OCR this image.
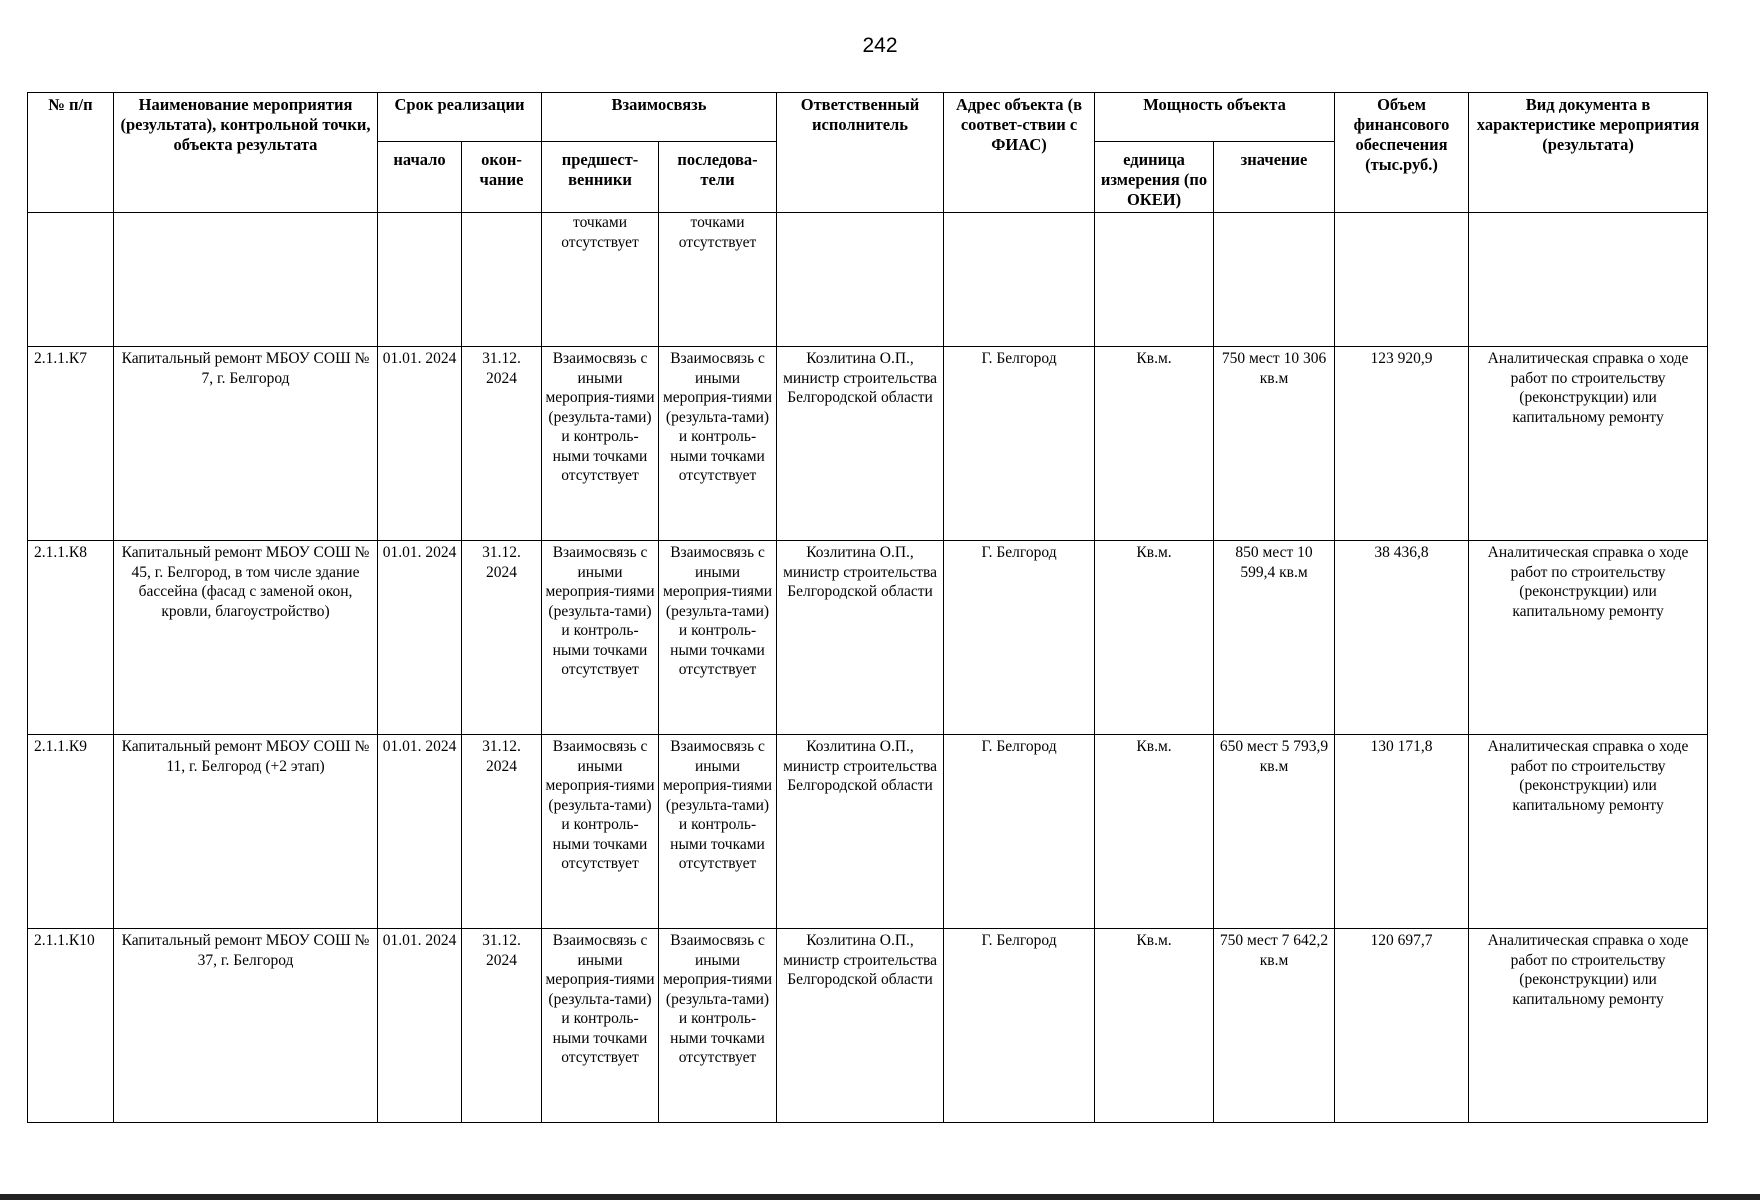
242
№ п/п	Наименование мероприятия (результата), контрольной точки, объекта результата	Срок реализации		Взаимосвязь		Ответственный исполнитель	Адрес объекта (в соответ-ствии с ФИАС)	Мощность объекта		Объем финансового обеспечения (тыс.руб.)	Вид документа в характеристике мероприятия (результата)
		начало	окон-чание	предшест-венники	последова-тели			единица измерения (по ОКЕИ)	значение		
				точками отсутствует	точками отсутствует						
2.1.1.К7	Капитальный ремонт МБОУ СОШ № 7, г. Белгород	01.01. 2024	31.12. 2024	Взаимосвязь с иными мероприя-тиями (результа-тами) и контроль-ными точками отсутствует	Взаимосвязь с иными мероприя-тиями (результа-тами) и контроль-ными точками отсутствует	Козлитина О.П., министр строительства Белгородской области	Г. Белгород	Кв.м.	750 мест 10 306 кв.м	123 920,9	Аналитическая справка о ходе работ по строительству (реконструкции) или капитальному ремонту
2.1.1.К8	Капитальный ремонт МБОУ СОШ № 45, г. Белгород, в том числе здание бассейна (фасад с заменой окон, кровли, благоустройство)	01.01. 2024	31.12. 2024	Взаимосвязь с иными мероприя-тиями (результа-тами) и контроль-ными точками отсутствует	Взаимосвязь с иными мероприя-тиями (результа-тами) и контроль-ными точками отсутствует	Козлитина О.П., министр строительства Белгородской области	Г. Белгород	Кв.м.	850 мест 10 599,4 кв.м	38 436,8	Аналитическая справка о ходе работ по строительству (реконструкции) или капитальному ремонту
2.1.1.К9	Капитальный ремонт МБОУ СОШ № 11, г. Белгород (+2 этап)	01.01. 2024	31.12. 2024	Взаимосвязь с иными мероприя-тиями (результа-тами) и контроль-ными точками отсутствует	Взаимосвязь с иными мероприя-тиями (результа-тами) и контроль-ными точками отсутствует	Козлитина О.П., министр строительства Белгородской области	Г. Белгород	Кв.м.	650 мест 5 793,9 кв.м	130 171,8	Аналитическая справка о ходе работ по строительству (реконструкции) или капитальному ремонту
2.1.1.К10	Капитальный ремонт МБОУ СОШ № 37, г. Белгород	01.01. 2024	31.12. 2024	Взаимосвязь с иными мероприя-тиями (результа-тами) и контроль-ными точками отсутствует	Взаимосвязь с иными мероприя-тиями (результа-тами) и контроль-ными точками отсутствует	Козлитина О.П., министр строительства Белгородской области	Г. Белгород	Кв.м.	750 мест 7 642,2 кв.м	120 697,7	Аналитическая справка о ходе работ по строительству (реконструкции) или капитальному ремонту
